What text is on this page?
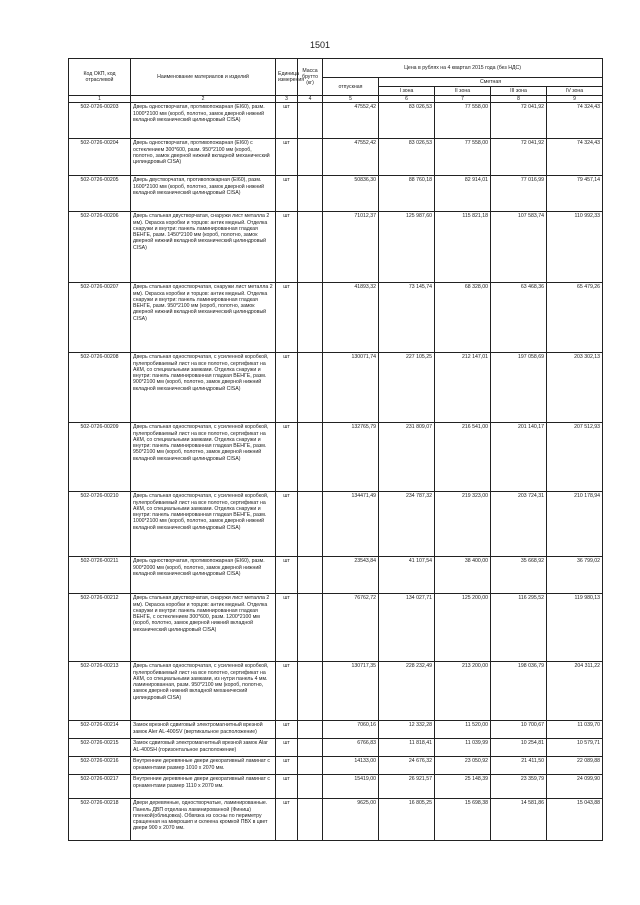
1501
Код ОКП, код отраслевой	Наименование материалов и изделий	Единица измерения	Масса брутто (кг)	Цена в рублях на 4 квартал 2015 года (без НДС)				
				отпускная	Сметная			
					I зона	II зона	III зона	IV зона
1	2	3	4	5	6	7	8	9
502-0726-00203	Дверь одностворчатая, противопожарная (EI60), разм. 1000*2100 мм (короб, полотно, замок дверной нижний вкладной механический цилиндровый CISA)	шт		47552,42	83 026,53	77 558,00	72 041,92	74 324,43
502-0726-00204	Дверь одностворчатая, противопожарная (EI60) с остеклением 300*600, разм. 950*2100 мм (короб, полотно, замок дверной нижний вкладной механический цилиндровый CISA)	шт		47552,42	83 026,53	77 558,00	72 041,92	74 324,43
502-0726-00205	Дверь двустворчатая, противопожарная (EI60), разм. 1600*2100 мм (короб, полотно, замок дверной нижний вкладной механический цилиндровый CISA)	шт		50836,30	88 760,18	82 914,01	77 016,99	79 457,14
502-0726-00206	Дверь стальная двустворчатая, снаружи лист металла 2 мм). Окраска коробки и торцов: антик медный. Отделка снаружи и внутри: панель ламинированная гладкая ВЕНГЕ, разм. 1450*2100 мм (короб, полотно, замок дверной нижний вкладной механический цилиндровый CISA)	шт		71012,37	125 987,60	115 821,18	107 583,74	110 992,33
502-0726-00207	Дверь стальная одностворчатая, снаружи лист металла 2 мм). Окраска коробки и торцов: антик медный. Отделка снаружи и внутри: панель ламинированная гладкая ВЕНГЕ, разм. 950*2100 мм (короб, полотно, замок дверной нижний вкладной механический цилиндровый CISA)	шт		41893,32	73 145,74	68 328,00	63 468,36	65 479,26
502-0726-00208	Дверь стальная одностворчатая, с усиленной коробкой, пулепробиваемый лист на все полотно, сертификат на АКМ, со специальными замками. Отделка снаружи и внутри: панель ламинированная гладкая ВЕНГЕ, разм. 900*2100 мм (короб, полотно, замок дверной нижний вкладной механический цилиндровый CISA)	шт		130071,74	227 105,25	212 147,01	197 058,69	203 302,13
502-0726-00209	Дверь стальная одностворчатая, с усиленной коробкой, пулепробиваемый лист на все полотно, сертификат на АКМ, со специальными замками. Отделка снаружи и внутри: панель ламинированная гладкая ВЕНГЕ, разм. 950*2100 мм (короб, полотно, замок дверной нижний вкладной механический цилиндровый CISA)	шт		132765,79	231 809,07	216 541,00	201 140,17	207 512,93
502-0726-00210	Дверь стальная одностворчатая, с усиленной коробкой, пулепробиваемый лист на все полотно, сертификат на АКМ, со специальными замками. Отделка снаружи и внутри: панель ламинированная гладкая ВЕНГЕ, разм. 1000*2100 мм (короб, полотно, замок дверной нижний вкладной механический цилиндровый CISA)	шт		134471,49	234 787,32	219 323,00	203 724,31	210 178,94
502-0726-00211	Дверь одностворчатая, противопожарная (EI60), разм. 900*2000 мм (короб, полотно, замок дверной нижний вкладной механический цилиндровый CISA)	шт		23543,84	41 107,54	38 400,00	35 668,92	36 799,02
502-0726-00212	Дверь стальная двустворчатая, снаружи лист металла 2 мм). Окраска коробки и торцов: антик медный. Отделка снаружи и внутри: панель ламинированная гладкая ВЕНГЕ, с остеклением 300*600, разм. 1200*2100 мм (короб, полотно, замок дверной нижний вкладной механический цилиндровый CISA)	шт		76762,72	134 027,71	125 200,00	116 295,52	119 980,13
502-0726-00213	Дверь стальная одностворчатая, с усиленной коробкой, пулепробиваемый лист на все полотно, сертификат на АКМ, со специальными замками, из нутри панель 4 мм. ламинированная, разм. 950*2100 мм (короб, полотно, замок дверной нижний вкладной механический цилиндровый CISA)	шт		130717,35	228 232,49	213 200,00	198 036,79	204 311,22
502-0726-00214	Замок врезной сдвиговый электромагнитный врезной замок Aler AL-400SV (вертикальное расположение)	шт		7060,16	12 332,28	11 520,00	10 700,67	11 039,70
502-0726-00215	Замок сдвиговый электромагнитный врезной замок Alar AL-400SH (горизонтальное расположение)	шт		6766,83	11 818,41	11 039,99	10 254,81	10 579,71
502-0726-00216	Внутренние деревянные двери декоративный ламинат с орнаментами размер 1010 х 2070 мм.	шт		14133,00	24 676,32	23 050,92	21 411,50	22 089,88
502-0726-00217	Внутренние деревянные двери декоративный ламинат с орнаментами размер 1110 х 2070 мм.	шт		15419,00	26 921,57	25 148,39	23 359,79	24 099,90
502-0726-00218	Двери деревянные, одностворчатые, ламинированные. Панель ДВП отделана ламинированной (Финиш) пленкой(облицовка). Обвязка из сосны по периметру сращенная на микрошип и склеена кромкой ПВХ в цвет двери 900 х 2070 мм.	шт		9625,00	16 805,25	15 698,38	14 581,86	15 043,88
